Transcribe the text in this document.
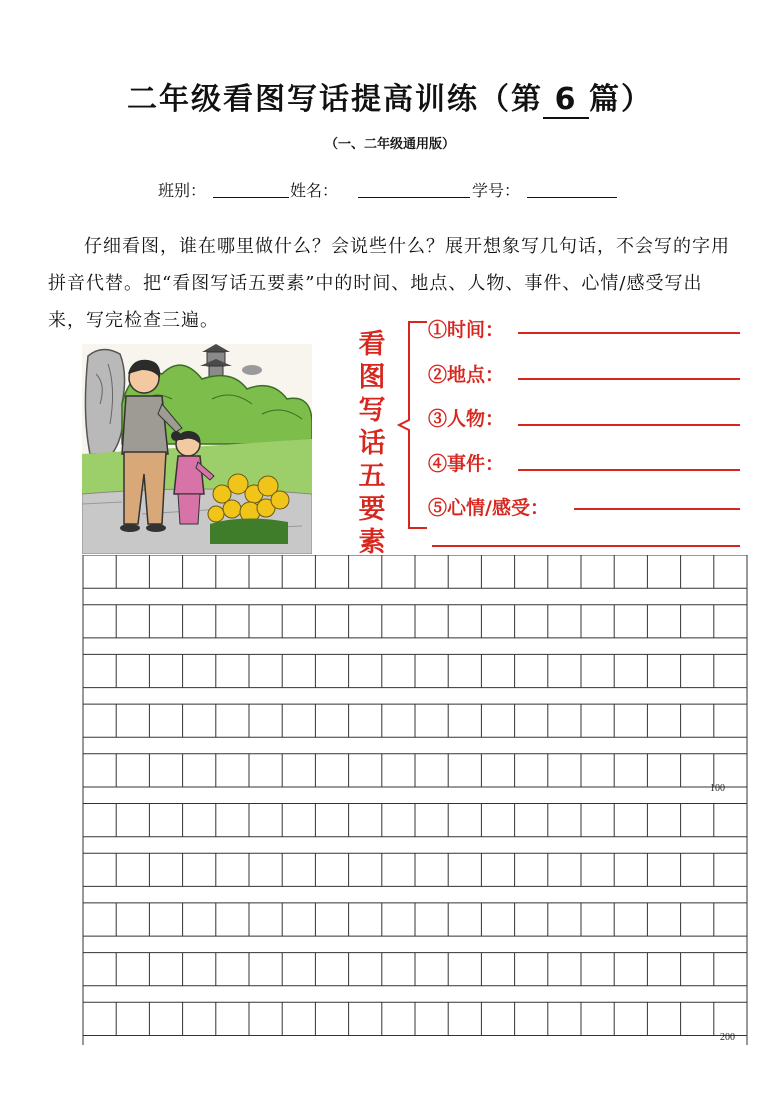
二年级看图写话提高训练（第 6 篇）
（一、二年级通用版）
班别：	姓名：	学号：
仔细看图，谁在哪里做什么？会说些什么？展开想象写几句话，不会写的字用拼音代替。把“看图写话五要素”中的时间、地点、人物、事件、心情/感受写出来，写完检查三遍。
看
图
写
话
五
要
素
①时间：
②地点：
③人物：
④事件：
⑤心情/感受：
100
200
